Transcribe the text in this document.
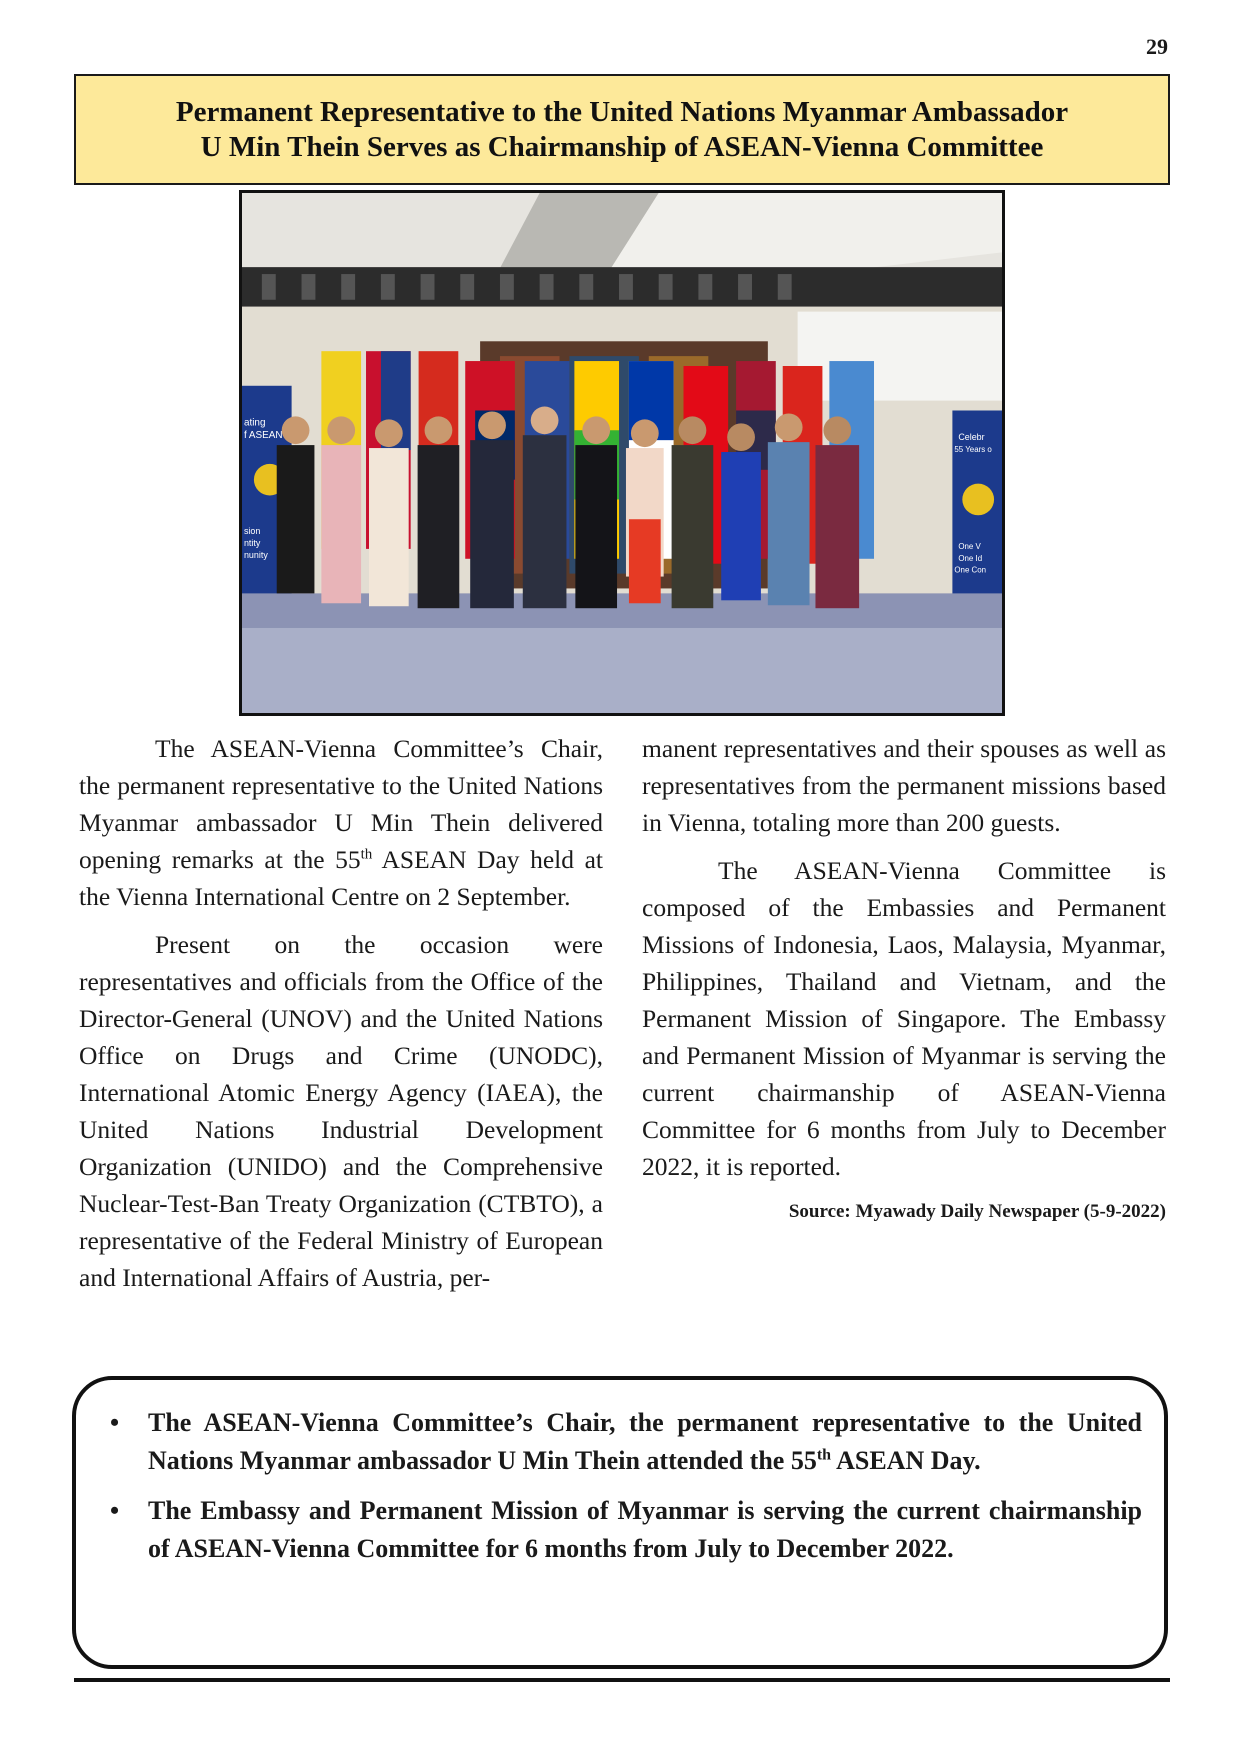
29
Permanent Representative to the United Nations Myanmar Ambassador
U Min Thein Serves as Chairmanship of ASEAN-Vienna Committee
ating
f ASEAN
sion
ntity
nunity
Celebr
55 Years o
One V
One Id
One Con

The ASEAN-Vienna Committee’s Chair, the permanent representative to the United Nations Myanmar ambassador U Min Thein delivered opening remarks at the 55th ASEAN Day held at the Vienna International Centre on 2 September.

Present on the occasion were representatives and officials from the Office of the Director-General (UNOV) and the United Nations Office on Drugs and Crime (UNODC), International Atomic Energy Agency (IAEA), the United Nations Industrial Development Organization (UNIDO) and the Comprehensive Nuclear-Test-Ban Treaty Organization (CTBTO), a representative of the Federal Ministry of European and International Affairs of Austria, per-

manent representatives and their spouses as well as representatives from the permanent missions based in Vienna, totaling more than 200 guests.

The ASEAN-Vienna Committee is composed of the Embassies and Permanent Missions of Indonesia, Laos, Malaysia, Myanmar, Philippines, Thailand and Vietnam, and the Permanent Mission of Singapore. The Embassy and Permanent Mission of Myanmar is serving the current chairmanship of ASEAN-Vienna Committee for 6 months from July to December 2022, it is reported.

Source: Myawady Daily Newspaper (5-9-2022)
• The ASEAN-Vienna Committee’s Chair, the permanent representative to the United Nations Myanmar ambassador U Min Thein attended the 55th ASEAN Day.
• The Embassy and Permanent Mission of Myanmar is serving the current chairmanship of ASEAN-Vienna Committee for 6 months from July to December 2022.
